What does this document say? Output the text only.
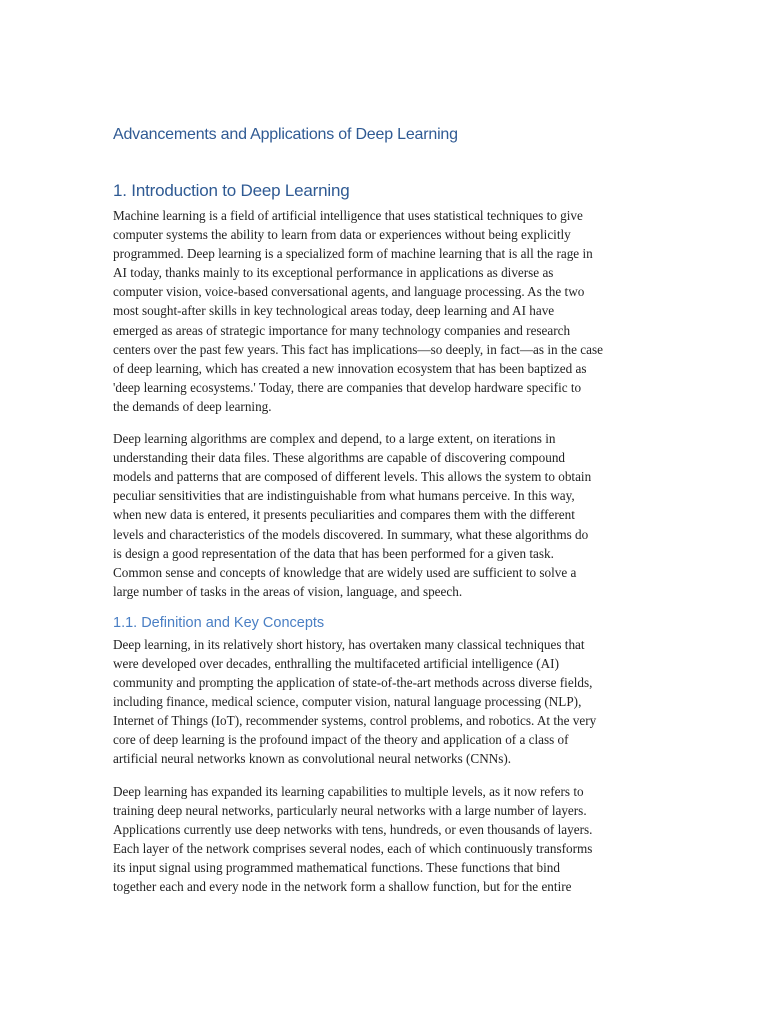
Advancements and Applications of Deep Learning
1. Introduction to Deep Learning

Machine learning is a field of artificial intelligence that uses statistical techniques to give
computer systems the ability to learn from data or experiences without being explicitly
programmed. Deep learning is a specialized form of machine learning that is all the rage in
AI today, thanks mainly to its exceptional performance in applications as diverse as
computer vision, voice-based conversational agents, and language processing. As the two
most sought-after skills in key technological areas today, deep learning and AI have
emerged as areas of strategic importance for many technology companies and research
centers over the past few years. This fact has implications—so deeply, in fact—as in the case
of deep learning, which has created a new innovation ecosystem that has been baptized as
'deep learning ecosystems.' Today, there are companies that develop hardware specific to
the demands of deep learning.

Deep learning algorithms are complex and depend, to a large extent, on iterations in
understanding their data files. These algorithms are capable of discovering compound
models and patterns that are composed of different levels. This allows the system to obtain
peculiar sensitivities that are indistinguishable from what humans perceive. In this way,
when new data is entered, it presents peculiarities and compares them with the different
levels and characteristics of the models discovered. In summary, what these algorithms do
is design a good representation of the data that has been performed for a given task.
Common sense and concepts of knowledge that are widely used are sufficient to solve a
large number of tasks in the areas of vision, language, and speech.

1.1. Definition and Key Concepts

Deep learning, in its relatively short history, has overtaken many classical techniques that
were developed over decades, enthralling the multifaceted artificial intelligence (AI)
community and prompting the application of state-of-the-art methods across diverse fields,
including finance, medical science, computer vision, natural language processing (NLP),
Internet of Things (IoT), recommender systems, control problems, and robotics. At the very
core of deep learning is the profound impact of the theory and application of a class of
artificial neural networks known as convolutional neural networks (CNNs).

Deep learning has expanded its learning capabilities to multiple levels, as it now refers to
training deep neural networks, particularly neural networks with a large number of layers.
Applications currently use deep networks with tens, hundreds, or even thousands of layers.
Each layer of the network comprises several nodes, each of which continuously transforms
its input signal using programmed mathematical functions. These functions that bind
together each and every node in the network form a shallow function, but for the entire
